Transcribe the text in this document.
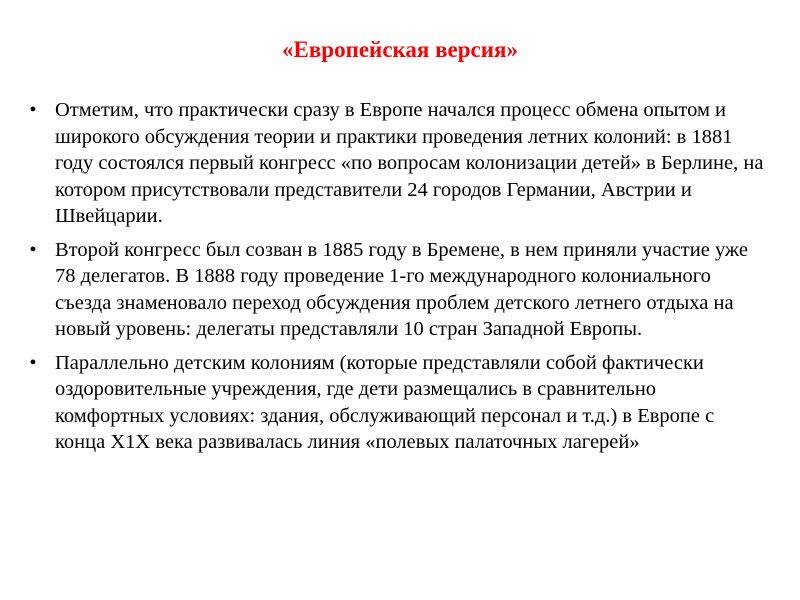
«Европейская версия»
• Отметим, что практически сразу в Европе начался процесс обмена опытом и широкого обсуждения теории и практики проведения летних колоний: в 1881 году состоялся первый конгресс «по вопросам колонизации детей» в Берлине, на котором присутствовали представители 24 городов Германии, Австрии и Швейцарии.
• Второй конгресс был созван в 1885 году в Бремене, в нем приняли участие уже 78 делегатов. В 1888 году проведение 1-го международного колониального съезда знаменовало переход обсуждения проблем детского летнего отдыха на новый уровень: делегаты представляли 10 стран Западной Европы.
• Параллельно детским колониям (которые представляли собой фактически оздоровительные учреждения, где дети размещались в сравнительно комфортных условиях: здания, обслуживающий персонал и т.д.) в Европе с конца Х1Х века развивалась линия «полевых палаточных лагерей»
